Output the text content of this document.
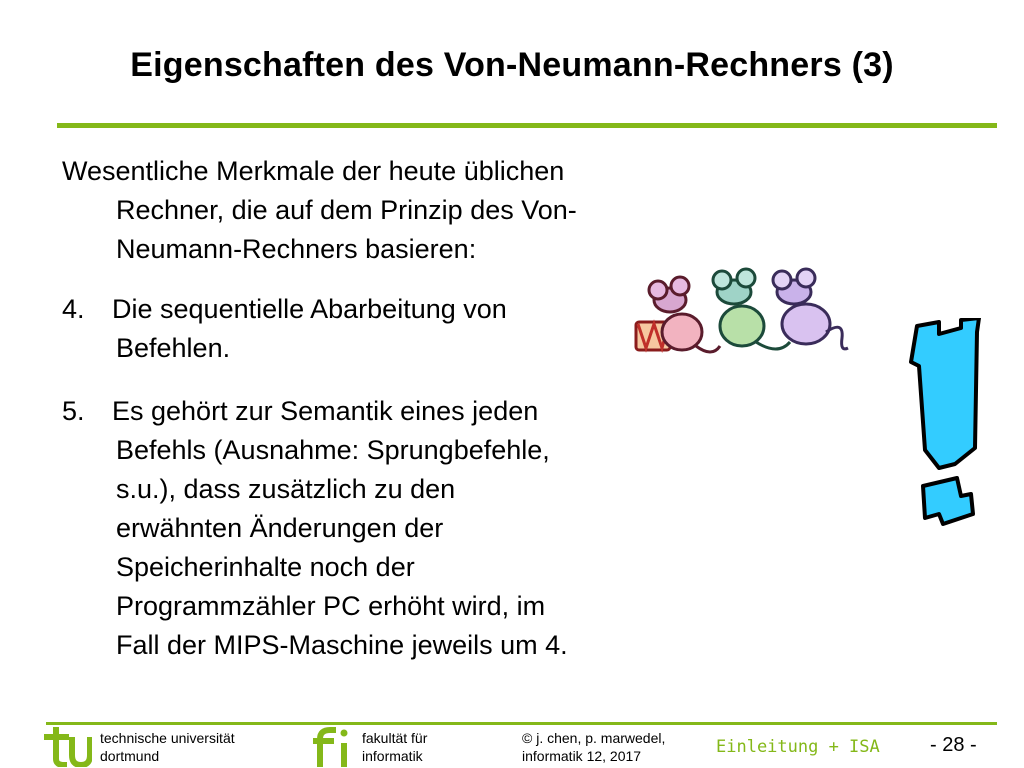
Eigenschaften des Von-Neumann-Rechners (3)
Wesentliche Merkmale der heute üblichen
Rechner, die auf dem Prinzip des Von-
Neumann-Rechners basieren:
4. Die sequentielle Abarbeitung von
Befehlen.
5. Es gehört zur Semantik eines jeden
Befehls (Ausnahme: Sprungbefehle,
s.u.), dass zusätzlich zu den
erwähnten Änderungen der
Speicherinhalte noch der
Programmzähler PC erhöht wird, im
Fall der MIPS-Maschine jeweils um 4.
technische universität
dortmund
fakultät für
informatik
© j. chen, p. marwedel,
informatik 12, 2017	Einleitung + ISA	- 28 -
